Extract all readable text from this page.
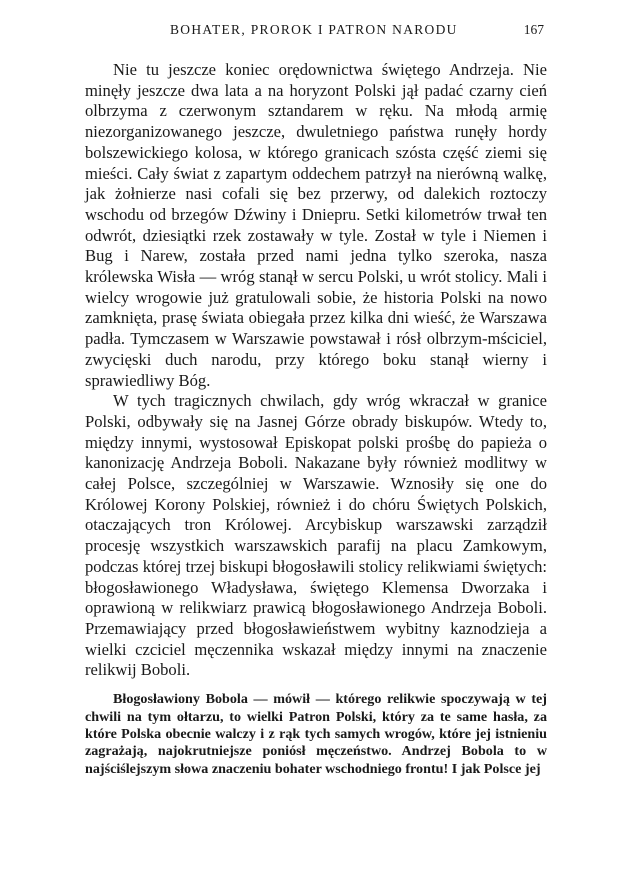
BOHATER, PROROK I PATRON NARODU	167

Nie tu jeszcze koniec orędownictwa świętego Andrzeja. Nie minęły jeszcze dwa lata a na horyzont Polski jął padać czarny cień olbrzyma z czerwonym sztandarem w ręku. Na młodą armię niezorganizowanego jeszcze, dwuletniego państwa runęły hordy bolszewickiego kolosa, w którego granicach szósta część ziemi się mieści. Cały świat z zapartym oddechem patrzył na nierówną walkę, jak żołnierze nasi cofali się bez przerwy, od dalekich roztoczy wschodu od brzegów Dźwiny i Dniepru. Setki kilometrów trwał ten odwrót, dziesiątki rzek zostawały w tyle. Został w tyle i Niemen i Bug i Narew, została przed nami jedna tylko szeroka, nasza królewska Wisła — wróg stanął w sercu Polski, u wrót stolicy. Mali i wielcy wrogowie już gratulowali sobie, że historia Polski na nowo zamknięta, prasę świata obiegała przez kilka dni wieść, że Warszawa padła. Tymczasem w Warszawie powstawał i rósł olbrzym-mściciel, zwycięski duch narodu, przy którego boku stanął wierny i sprawiedliwy Bóg.

W tych tragicznych chwilach, gdy wróg wkraczał w granice Polski, odbywały się na Jasnej Górze obrady biskupów. Wtedy to, między innymi, wystosował Episkopat polski prośbę do papieża o kanonizację Andrzeja Boboli. Nakazane były również modlitwy w całej Polsce, szczególniej w Warszawie. Wznosiły się one do Królowej Korony Polskiej, również i do chóru Świętych Polskich, otaczających tron Królowej. Arcybiskup warszawski zarządził procesję wszystkich warszawskich parafij na placu Zamkowym, podczas której trzej biskupi błogosławili stolicy relikwiami świętych: błogosławionego Władysława, świętego Klemensa Dworzaka i oprawioną w relikwiarz prawicą błogosławionego Andrzeja Boboli. Przemawiający przed błogosławieństwem wybitny kaznodzieja a wielki czciciel męczennika wskazał między innymi na znaczenie relikwij Boboli.

Błogosławiony Bobola — mówił — którego relikwie spoczywają w tej chwili na tym ołtarzu, to wielki Patron Polski, który za te same hasła, za które Polska obecnie walczy i z rąk tych samych wrogów, które jej istnieniu zagrażają, najokrutniejsze poniósł męczeństwo. Andrzej Bobola to w najściślejszym słowa znaczeniu bohater wschodniego frontu! I jak Polsce jej
